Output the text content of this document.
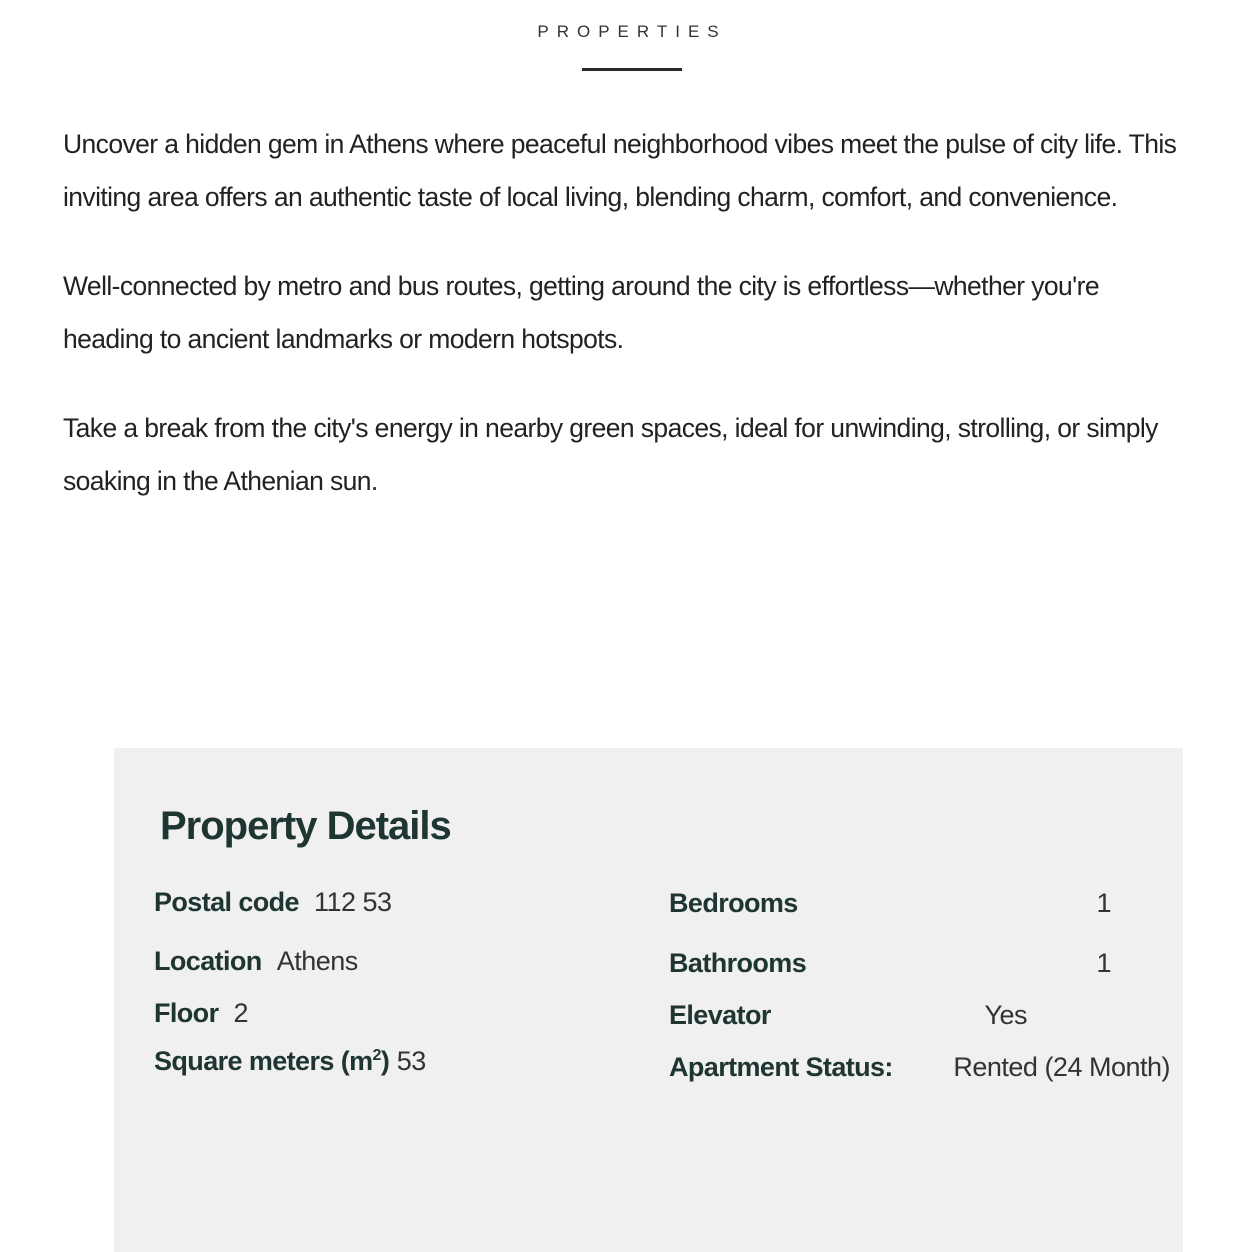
PROPERTIES

Uncover a hidden gem in Athens where peaceful neighborhood vibes meet the pulse of city life. This inviting area offers an authentic taste of local living, blending charm, comfort, and convenience.

Well-connected by metro and bus routes, getting around the city is effortless—whether you're heading to ancient landmarks or modern hotspots.

Take a break from the city's energy in nearby green spaces, ideal for unwinding, strolling, or simply soaking in the Athenian sun.

Property Details
Postal code 112 53
Location Athens
Floor 2
Square meters $(m^2)$ 53
Bedrooms	1
Bathrooms	1
Elevator	Yes
Apartment Status: Rented (24 Month)
